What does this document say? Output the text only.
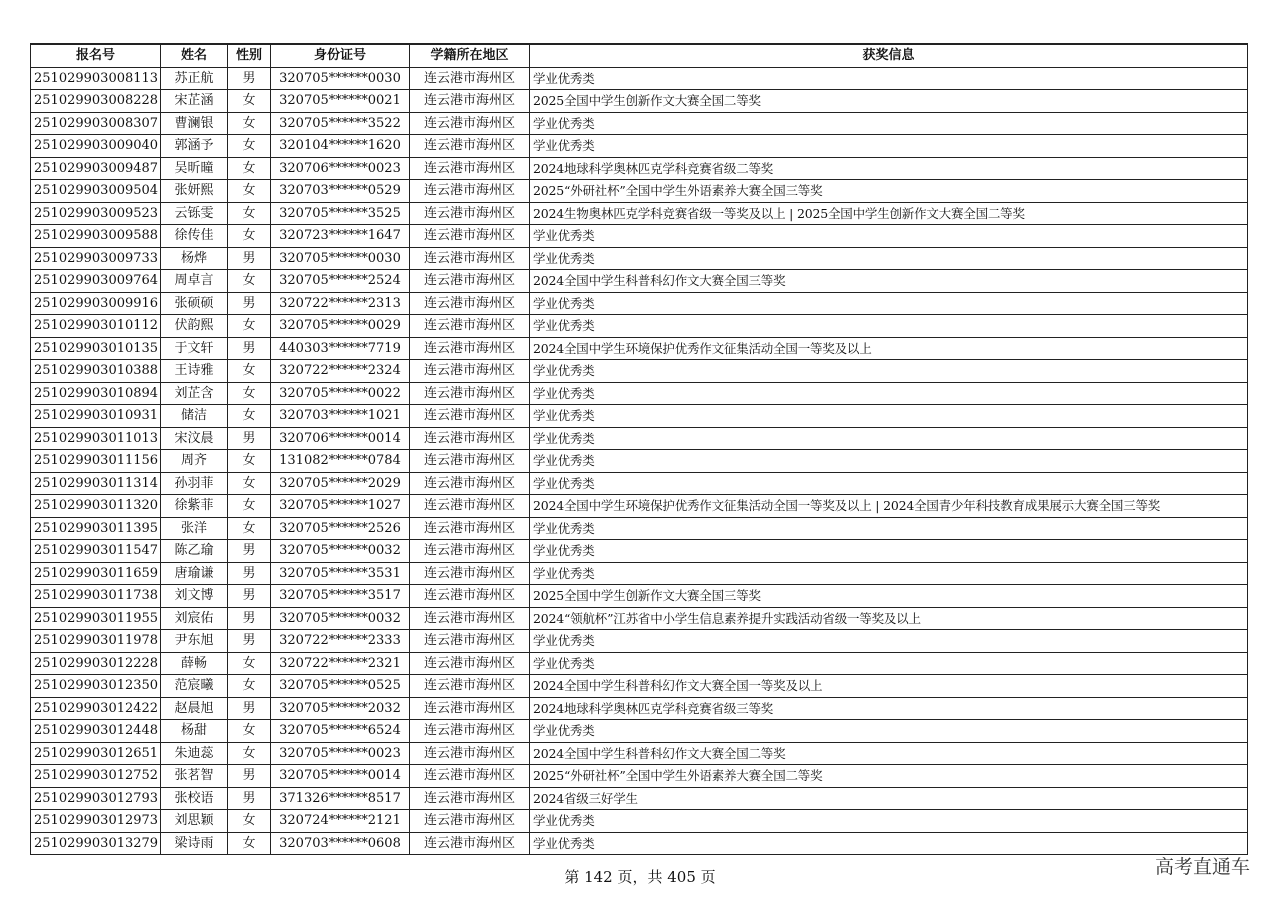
报名号	姓名	性别	身份证号	学籍所在地区	获奖信息
251029903008113	苏正航	男	320705******0030	连云港市海州区	学业优秀类
251029903008228	宋芷涵	女	320705******0021	连云港市海州区	2025全国中学生创新作文大赛全国二等奖
251029903008307	曹澜银	女	320705******3522	连云港市海州区	学业优秀类
251029903009040	郭涵予	女	320104******1620	连云港市海州区	学业优秀类
251029903009487	吴昕曈	女	320706******0023	连云港市海州区	2024地球科学奥林匹克学科竞赛省级二等奖
251029903009504	张妍熙	女	320703******0529	连云港市海州区	2025“外研社杯”全国中学生外语素养大赛全国三等奖
251029903009523	云铄雯	女	320705******3525	连云港市海州区	2024生物奥林匹克学科竞赛省级一等奖及以上 | 2025全国中学生创新作文大赛全国二等奖
251029903009588	徐传佳	女	320723******1647	连云港市海州区	学业优秀类
251029903009733	杨烨	男	320705******0030	连云港市海州区	学业优秀类
251029903009764	周卓言	女	320705******2524	连云港市海州区	2024全国中学生科普科幻作文大赛全国三等奖
251029903009916	张硕硕	男	320722******2313	连云港市海州区	学业优秀类
251029903010112	伏韵熙	女	320705******0029	连云港市海州区	学业优秀类
251029903010135	于文轩	男	440303******7719	连云港市海州区	2024全国中学生环境保护优秀作文征集活动全国一等奖及以上
251029903010388	王诗雅	女	320722******2324	连云港市海州区	学业优秀类
251029903010894	刘芷含	女	320705******0022	连云港市海州区	学业优秀类
251029903010931	储洁	女	320703******1021	连云港市海州区	学业优秀类
251029903011013	宋汶晨	男	320706******0014	连云港市海州区	学业优秀类
251029903011156	周齐	女	131082******0784	连云港市海州区	学业优秀类
251029903011314	孙羽菲	女	320705******2029	连云港市海州区	学业优秀类
251029903011320	徐紫菲	女	320705******1027	连云港市海州区	2024全国中学生环境保护优秀作文征集活动全国一等奖及以上 | 2024全国青少年科技教育成果展示大赛全国三等奖
251029903011395	张洋	女	320705******2526	连云港市海州区	学业优秀类
251029903011547	陈乙瑜	男	320705******0032	连云港市海州区	学业优秀类
251029903011659	唐瑜谦	男	320705******3531	连云港市海州区	学业优秀类
251029903011738	刘文博	男	320705******3517	连云港市海州区	2025全国中学生创新作文大赛全国三等奖
251029903011955	刘宸佑	男	320705******0032	连云港市海州区	2024“领航杯”江苏省中小学生信息素养提升实践活动省级一等奖及以上
251029903011978	尹东旭	男	320722******2333	连云港市海州区	学业优秀类
251029903012228	薛畅	女	320722******2321	连云港市海州区	学业优秀类
251029903012350	范宸曦	女	320705******0525	连云港市海州区	2024全国中学生科普科幻作文大赛全国一等奖及以上
251029903012422	赵晨旭	男	320705******2032	连云港市海州区	2024地球科学奥林匹克学科竞赛省级三等奖
251029903012448	杨甜	女	320705******6524	连云港市海州区	学业优秀类
251029903012651	朱迪蕊	女	320705******0023	连云港市海州区	2024全国中学生科普科幻作文大赛全国二等奖
251029903012752	张茗智	男	320705******0014	连云港市海州区	2025“外研社杯”全国中学生外语素养大赛全国二等奖
251029903012793	张校语	男	371326******8517	连云港市海州区	2024省级三好学生
251029903012973	刘思颖	女	320724******2121	连云港市海州区	学业优秀类
251029903013279	梁诗雨	女	320703******0608	连云港市海州区	学业优秀类
第 142 页，共 405 页	高考直通车
